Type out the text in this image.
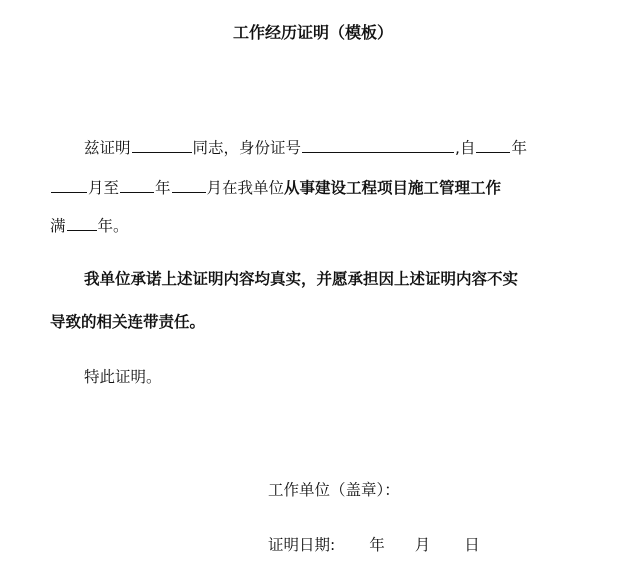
工作经历证明（模板）
兹证明	同志，身份证号	,自 年
月至 年 月在我单位从事建设工程项目施工管理工作
满 年。
我单位承诺上述证明内容均真实，并愿承担因上述证明内容不实
导致的相关连带责任。
特此证明。
工作单位（盖章）：
证明日期: 年 月 日
